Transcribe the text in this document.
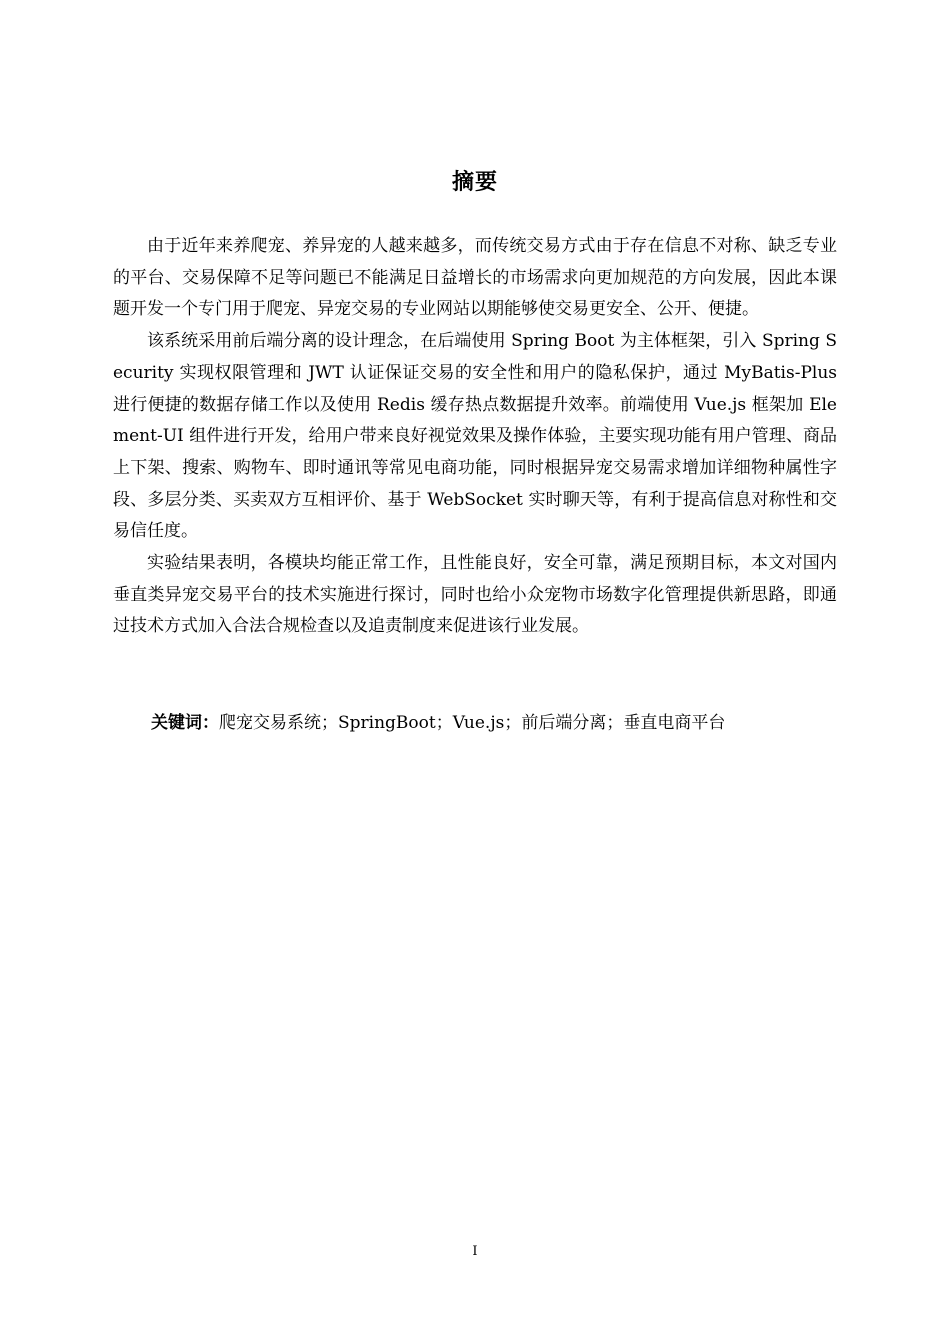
摘要

由于近年来养爬宠、养异宠的人越来越多，而传统交易方式由于存在信息不对称、缺乏专业的平台、交易保障不足等问题已不能满足日益增长的市场需求向更加规范的方向发展，因此本课题开发一个专门用于爬宠、异宠交易的专业网站以期能够使交易更安全、公开、便捷。

该系统采用前后端分离的设计理念，在后端使用 Spring Boot 为主体框架，引入 Spring Security 实现权限管理和 JWT 认证保证交易的安全性和用户的隐私保护，通过 MyBatis-Plus 进行便捷的数据存储工作以及使用 Redis 缓存热点数据提升效率。前端使用 Vue.js 框架加 Element-UI 组件进行开发，给用户带来良好视觉效果及操作体验，主要实现功能有用户管理、商品上下架、搜索、购物车、即时通讯等常见电商功能，同时根据异宠交易需求增加详细物种属性字段、多层分类、买卖双方互相评价、基于 WebSocket 实时聊天等，有利于提高信息对称性和交易信任度。

实验结果表明，各模块均能正常工作，且性能良好，安全可靠，满足预期目标，本文对国内垂直类异宠交易平台的技术实施进行探讨，同时也给小众宠物市场数字化管理提供新思路，即通过技术方式加入合法合规检查以及追责制度来促进该行业发展。

关键词：爬宠交易系统；SpringBoot；Vue.js；前后端分离；垂直电商平台
I
